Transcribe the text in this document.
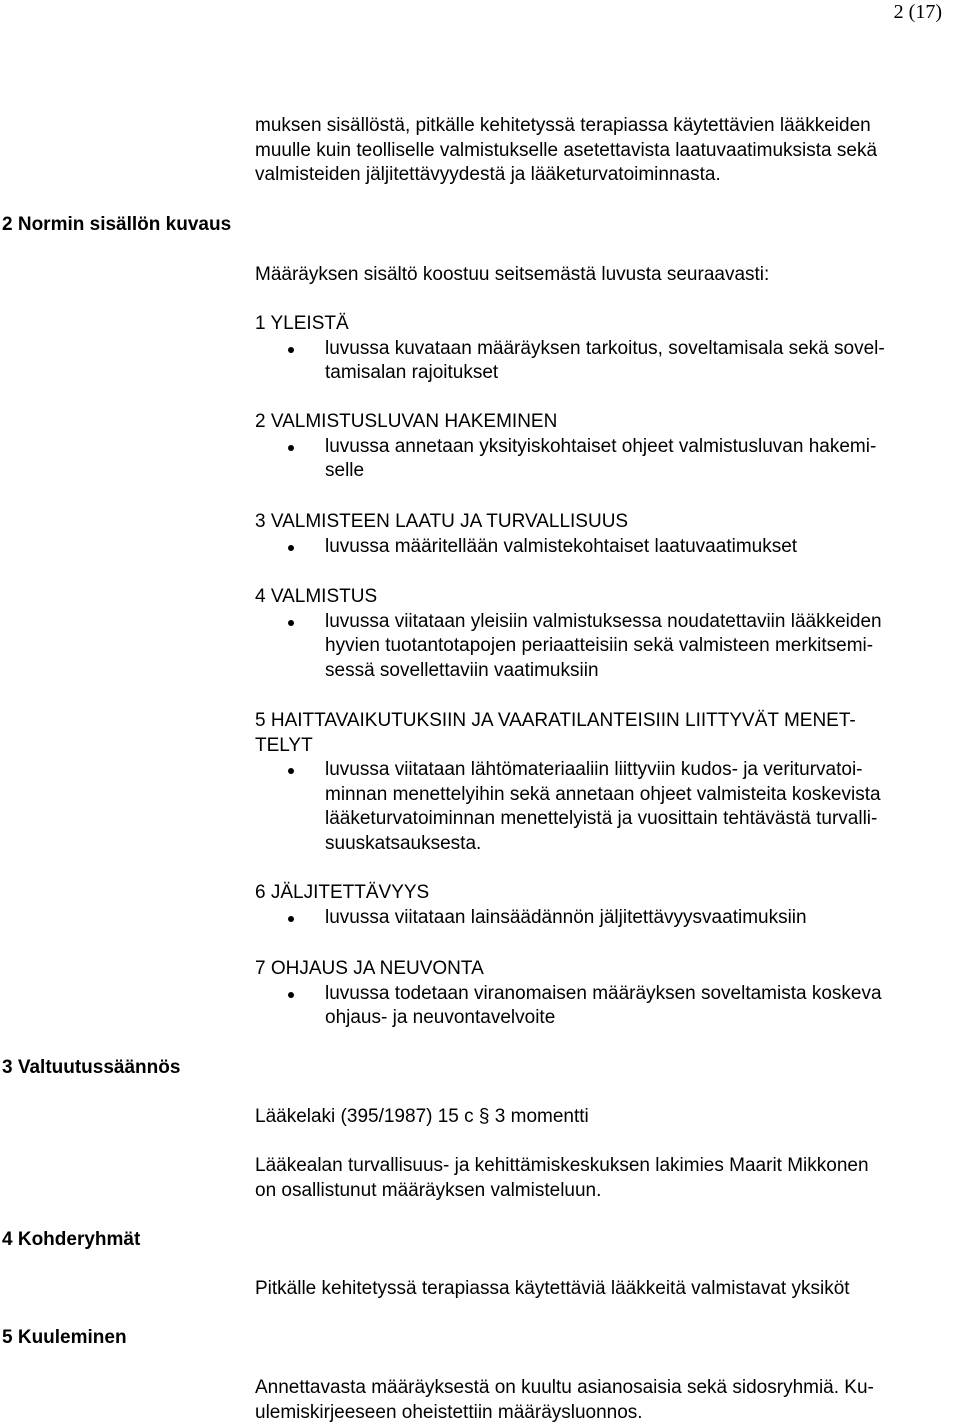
2 (17)
muksen sisällöstä, pitkälle kehitetyssä terapiassa käytettävien lääkkeiden
muulle kuin teolliselle valmistukselle asetettavista laatuvaatimuksista sekä
valmisteiden jäljitettävyydestä ja lääketurvatoiminnasta.
2 Normin sisällön kuvaus
Määräyksen sisältö koostuu seitsemästä luvusta seuraavasti:

1 YLEISTÄ

luvussa kuvataan määräyksen tarkoitus, soveltamisala sekä sovel-
tamisalan rajoitukset

2 VALMISTUSLUVAN HAKEMINEN

luvussa annetaan yksityiskohtaiset ohjeet valmistusluvan hakemi-
selle

3 VALMISTEEN LAATU JA TURVALLISUUS

luvussa määritellään valmistekohtaiset laatuvaatimukset

4 VALMISTUS

luvussa viitataan yleisiin valmistuksessa noudatettaviin lääkkeiden
hyvien tuotantotapojen periaatteisiin sekä valmisteen merkitsemi-
sessä sovellettaviin vaatimuksiin

5 HAITTAVAIKUTUKSIIN JA VAARATILANTEISIIN LIITTYVÄT MENET-
TELYT

luvussa viitataan lähtömateriaaliin liittyviin kudos- ja veriturvatoi-
minnan menettelyihin sekä annetaan ohjeet valmisteita koskevista
lääketurvatoiminnan menettelyistä ja vuosittain tehtävästä turvalli-
suuskatsauksesta.

6 JÄLJITETTÄVYYS

luvussa viitataan lainsäädännön jäljitettävyysvaatimuksiin

7 OHJAUS JA NEUVONTA

luvussa todetaan viranomaisen määräyksen soveltamista koskeva
ohjaus- ja neuvontavelvoite
3 Valtuutussäännös
Lääkelaki (395/1987) 15 c § 3 momentti
Lääkealan turvallisuus- ja kehittämiskeskuksen lakimies Maarit Mikkonen
on osallistunut määräyksen valmisteluun.
4 Kohderyhmät
Pitkälle kehitetyssä terapiassa käytettäviä lääkkeitä valmistavat yksiköt
5 Kuuleminen
Annettavasta määräyksestä on kuultu asianosaisia sekä sidosryhmiä. Ku-
ulemiskirjeeseen oheistettiin määräysluonnos.
